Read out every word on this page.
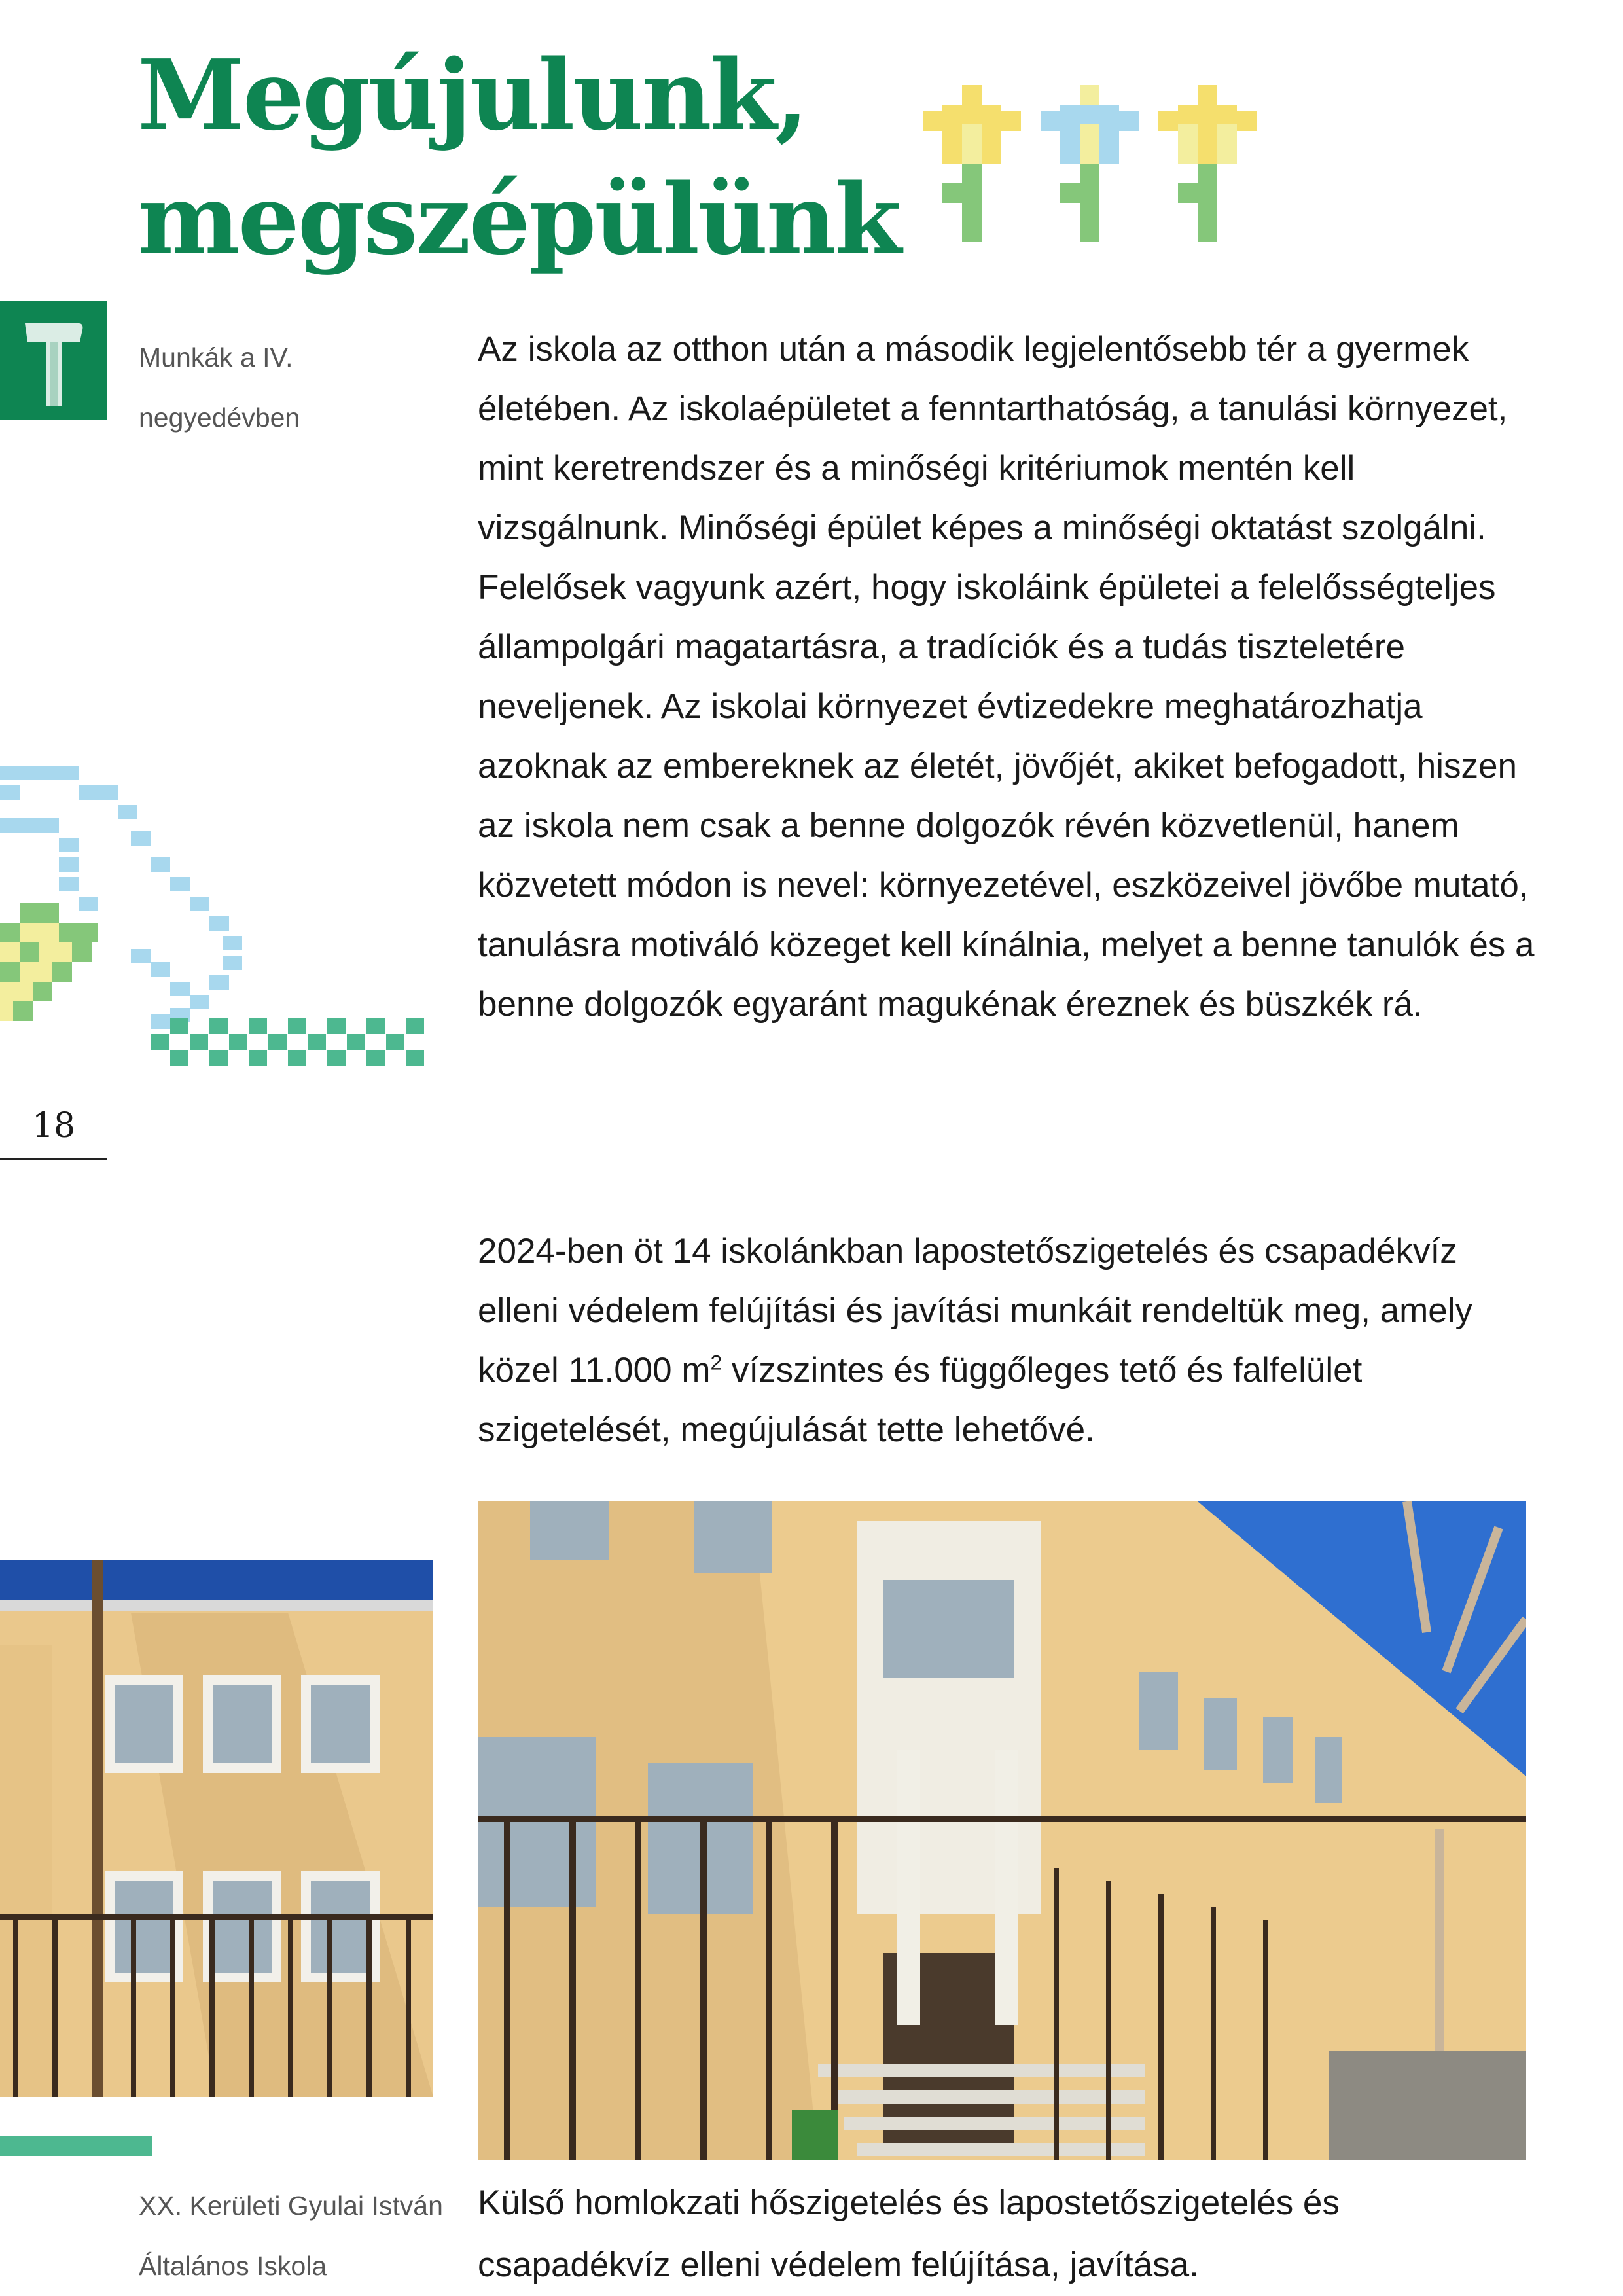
Megújulunk,
megszépülünk
Munkák a IV.
negyedévben

Az iskola az otthon után a második legjelentősebb tér a gyermek életében. Az iskolaépületet a fenntarthatóság, a tanulási környezet, mint keretrendszer és a minőségi kritériumok mentén kell vizsgálnunk. Minőségi épület képes a minőségi oktatást szolgálni. Felelősek vagyunk azért, hogy iskoláink épületei a felelősségteljes állampolgári magatartásra, a tradíciók és a tudás tiszteletére neveljenek. Az iskolai környezet évtizedekre meghatározhatja azoknak az embereknek az életét, jövőjét, akiket befogadott, hiszen az iskola nem csak a benne dolgozók révén közvetlenül, hanem közvetett módon is nevel: környezetével, eszközeivel jövőbe mutató, tanulásra motiváló közeget kell kínálnia, melyet a benne tanulók és a benne dolgozók egyaránt magukénak éreznek és büszkék rá.

18

2024-ben öt 14 iskolánkban lapostetőszigetelés és csapadékvíz elleni védelem felújítási és javítási munkáit rendeltük meg, amely közel 11.000 $m^2$ vízszintes és függőleges tető és falfelület szigetelését, megújulását tette lehetővé.

XX. Kerületi Gyulai István
Általános Iskola

Külső homlokzati hőszigetelés és lapostetőszigetelés és csapadékvíz elleni védelem felújítása, javítása.
